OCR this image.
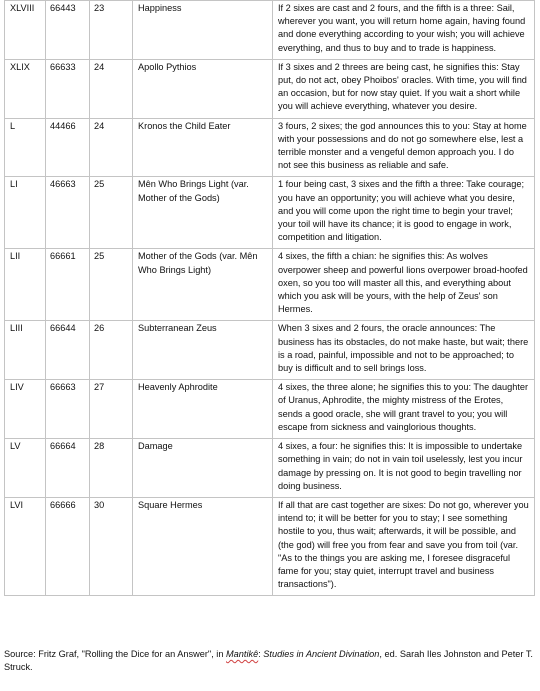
XLVIII	66443	23	Happiness	If 2 sixes are cast and 2 fours, and the fifth is a three: Sail, wherever you want, you will return home again, having found and done everything according to your wish; you will achieve everything, and thus to buy and to trade is happiness.
XLIX	66633	24	Apollo Pythios	If 3 sixes and 2 threes are being cast, he signifies this: Stay put, do not act, obey Phoibos' oracles. With time, you will find an occasion, but for now stay quiet. If you wait a short while you will achieve everything, whatever you desire.
L	44466	24	Kronos the Child Eater	3 fours, 2 sixes; the god announces this to you: Stay at home with your possessions and do not go somewhere else, lest a terrible monster and a vengeful demon approach you. I do not see this business as reliable and safe.
LI	46663	25	Mên Who Brings Light (var. Mother of the Gods)	1 four being cast, 3 sixes and the fifth a three: Take courage; you have an opportunity; you will achieve what you desire, and you will come upon the right time to begin your travel; your toil will have its chance; it is good to engage in work, competition and litigation.
LII	66661	25	Mother of the Gods (var. Mên Who Brings Light)	4 sixes, the fifth a chian: he signifies this: As wolves overpower sheep and powerful lions overpower broad-hoofed oxen, so you too will master all this, and everything about which you ask will be yours, with the help of Zeus' son Hermes.
LIII	66644	26	Subterranean Zeus	When 3 sixes and 2 fours, the oracle announces: The business has its obstacles, do not make haste, but wait; there is a road, painful, impossible and not to be approached; to buy is difficult and to sell brings loss.
LIV	66663	27	Heavenly Aphrodite	4 sixes, the three alone; he signifies this to you: The daughter of Uranus, Aphrodite, the mighty mistress of the Erotes, sends a good oracle, she will grant travel to you; you will escape from sickness and vainglorious thoughts.
LV	66664	28	Damage	4 sixes, a four: he signifies this: It is impossible to undertake something in vain; do not in vain toil uselessly, lest you incur damage by pressing on. It is not good to begin travelling nor doing business.
LVI	66666	30	Square Hermes	If all that are cast together are sixes: Do not go, wherever you intend to; it will be better for you to stay; I see something hostile to you, thus wait; afterwards, it will be possible, and (the god) will free you from fear and save you from toil (var. "As to the things you are asking me, I foresee disgraceful fame for you; stay quiet, interrupt travel and business transactions").
Source: Fritz Graf, "Rolling the Dice for an Answer", in Mantikê: Studies in Ancient Divination, ed. Sarah Iles Johnston and Peter T. Struck.
